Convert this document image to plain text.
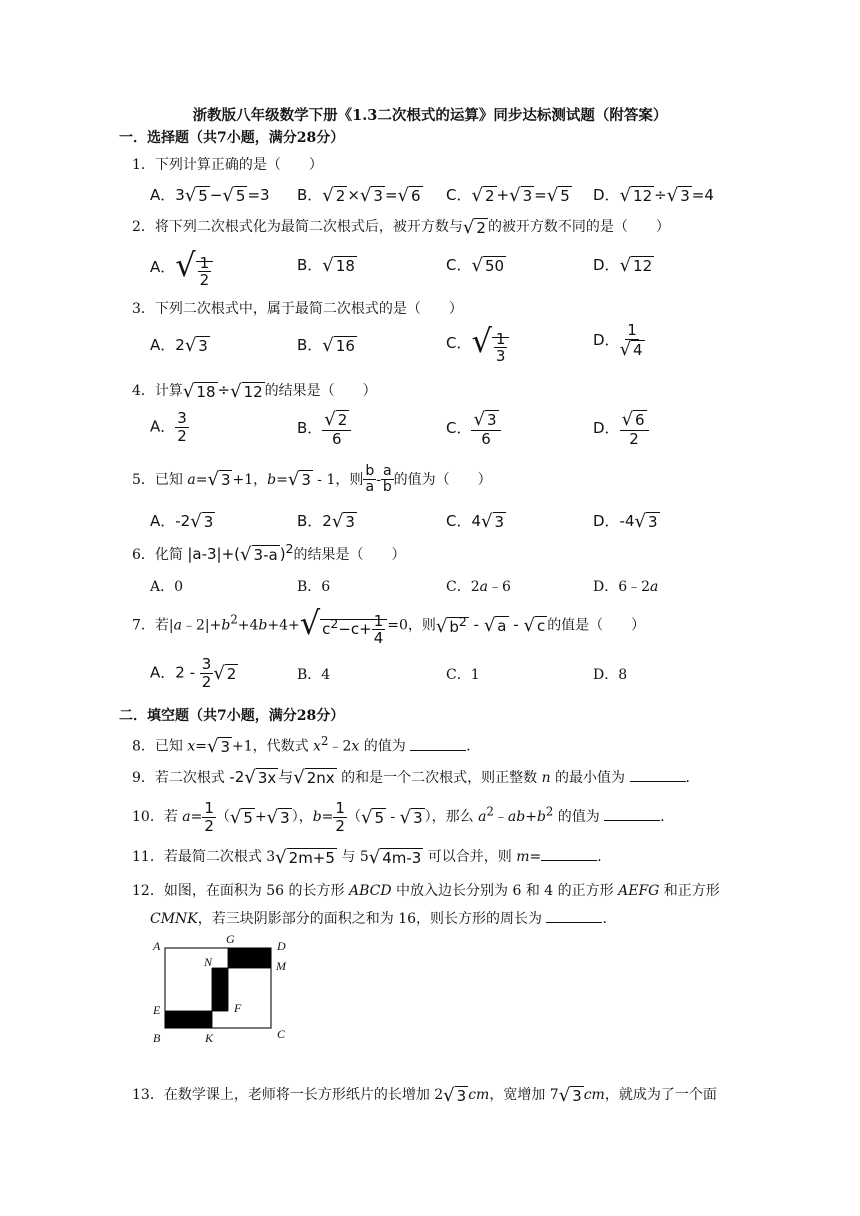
浙教版八年级数学下册《1.3二次根式的运算》同步达标测试题（附答案）
一．选择题（共7小题，满分28分）
1．下列计算正确的是（　　）
A．3√ 5 −√ 5 =3 B．√ 2 ×√ 3 =√ 6 C．√ 2 +√ 3 =√ 5 D．√ 12 ÷√ 3 =4
2．将下列二次根式化为最简二次根式后，被开方数与√ 2 的被开方数不同的是（　　）
A．√ $\frac{1}{2}$	B．√ 18	C．√ 50	D．√ 12
3．下列二次根式中，属于最简二次根式的是（　　）
A．2√ 3	B．√ 16	C．√ $\frac{1}{3}$	D． $\frac{1}{√ 4}$
4．计算√ 18 ÷√ 12 的结果是（　　）
A． $\frac{3}{2}$	B． $\frac{√ 2}{6}$	C． $\frac{√ 3}{6}$	D． $\frac{√ 6}{2}$
5．已知 a=√ 3 +1，b=√ 3 - 1，则 $\frac{b}{a} - \frac{a}{b}$ 的值为（　　）
A．-2√ 3	B．2√ 3	C．4√ 3	D．-4√ 3
6．化简 |a-3|+(√ 3-a )$^2$的结果是（　　）
A．0	B．6	C．2a﹣6	D．6﹣2a
7．若$|a﹣2|+b^2+4b+4+√$ $c^2-c+ \frac{1}{4} =0$，则√ $b^2$ - √ a - √ c 的值是（　　）
A．$2 - \frac{3}{2}$ √ 2	B．4	C．1	D．8
二．填空题（共7小题，满分28分）
8．已知 x=√ 3 +1，代数式 $x^2﹣2x$ 的值为	．
9．若二次根式 -2√ 3x 与√ 2nx 的和是一个二次根式，则正整数 n 的最小值为	．
10．若 $a= \frac{1}{2}$ （√ 5 +√ 3 ），$b= \frac{1}{2}$ （√ 5 - √ 3 ），那么 $a^2﹣ab+b^2$ 的值为	．
11．若最简二次根式 3√ 2m+5 与 5√ 4m-3 可以合并，则 m=	．
12．如图，在面积为 56 的长方形 ABCD 中放入边长分别为 6 和 4 的正方形 AEFG 和正方形
CMNK，若三块阴影部分的面积之和为 16，则长方形的周长为	．
A	G	D
N	M
E	F
B	K	C
13．在数学课上，老师将一长方形纸片的长增加 2√ 3 cm，宽增加 7√ 3 cm，就成为了一个面
